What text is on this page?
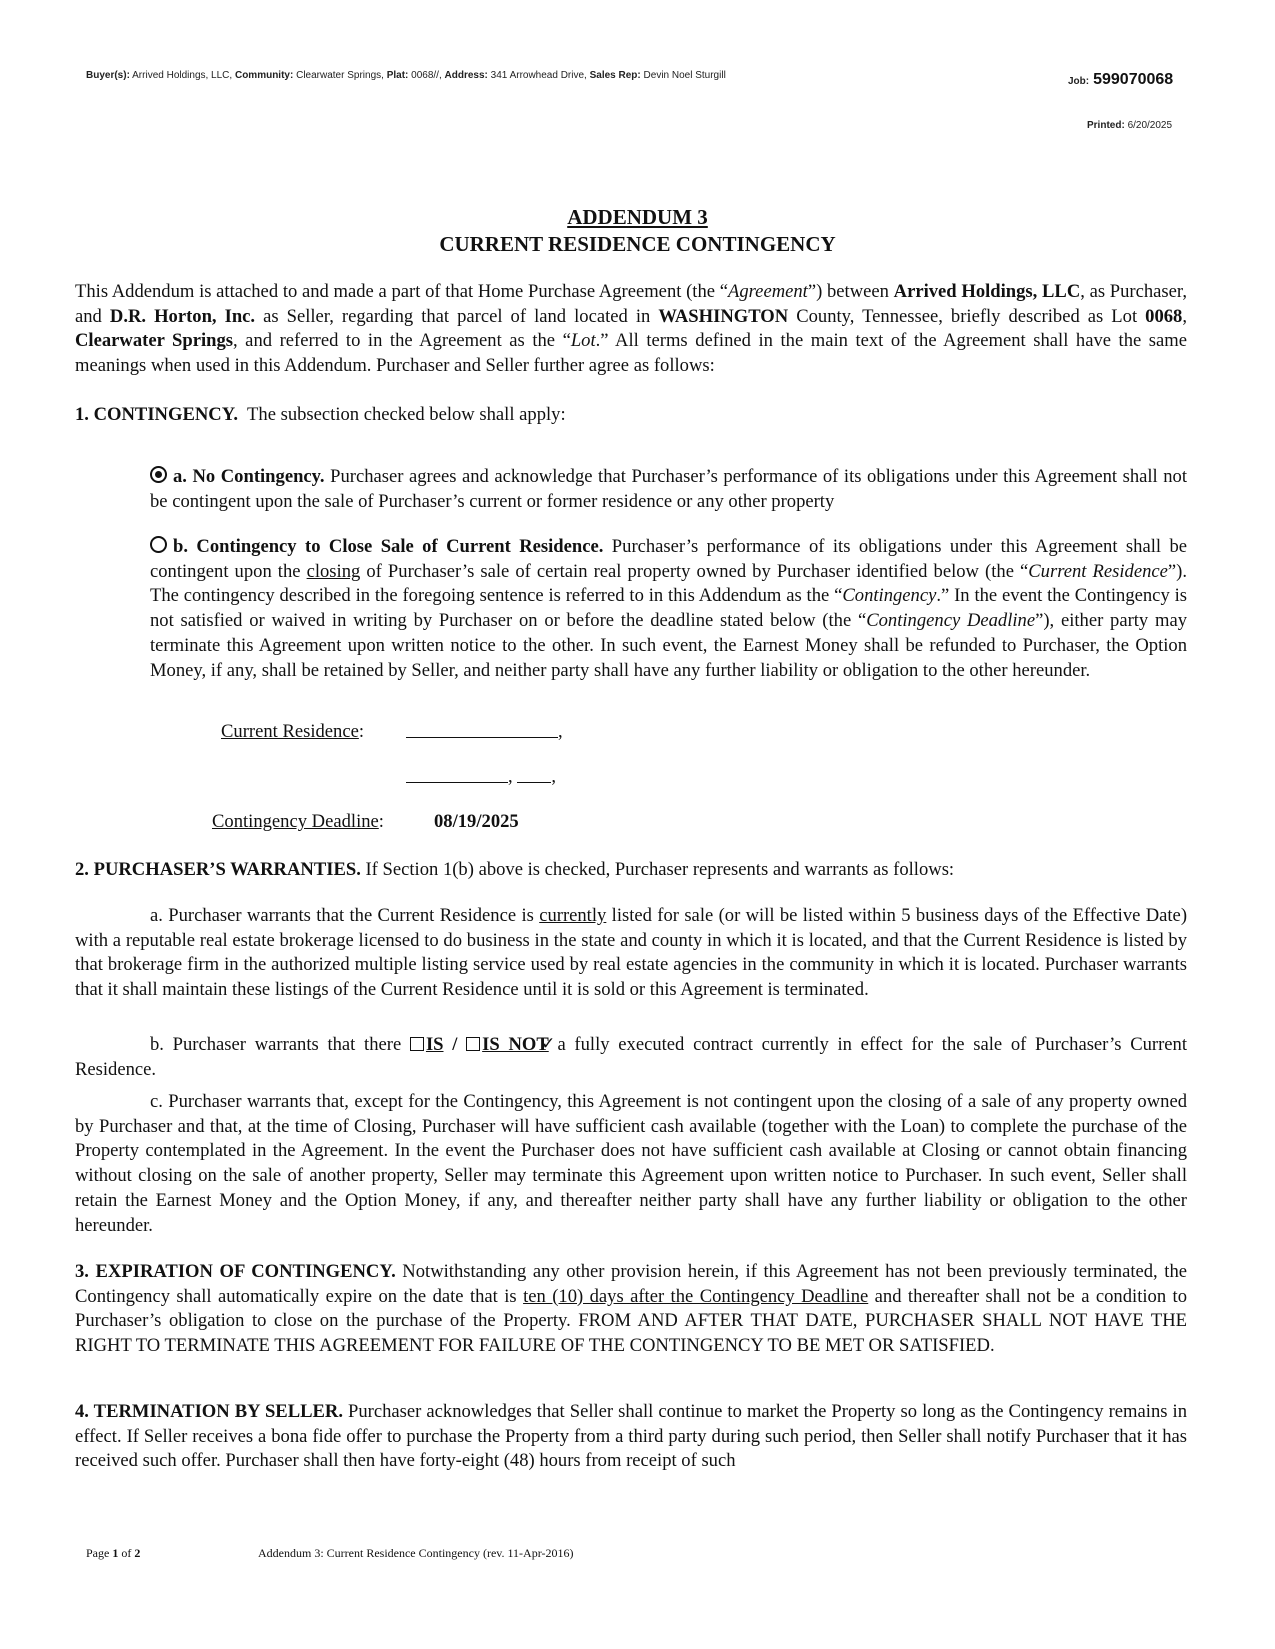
Buyer(s): Arrived Holdings, LLC, Community: Clearwater Springs, Plat: 0068//, Address: 341 Arrowhead Drive, Sales Rep: Devin Noel Sturgill
Job: 599070068
Printed: 6/20/2025
ADDENDUM 3
CURRENT RESIDENCE CONTINGENCY
This Addendum is attached to and made a part of that Home Purchase Agreement (the “Agreement”) between Arrived Holdings, LLC, as Purchaser, and D.R. Horton, Inc. as Seller, regarding that parcel of land located in WASHINGTON County, Tennessee, briefly described as Lot 0068, Clearwater Springs, and referred to in the Agreement as the “Lot.” All terms defined in the main text of the Agreement shall have the same meanings when used in this Addendum. Purchaser and Seller further agree as follows:
1. CONTINGENCY. The subsection checked below shall apply:
a. No Contingency. Purchaser agrees and acknowledge that Purchaser’s performance of its obligations under this Agreement shall not be contingent upon the sale of Purchaser’s current or former residence or any other property
b. Contingency to Close Sale of Current Residence. Purchaser’s performance of its obligations under this Agreement shall be contingent upon the closing of Purchaser’s sale of certain real property owned by Purchaser identified below (the “Current Residence”). The contingency described in the foregoing sentence is referred to in this Addendum as the “Contingency.” In the event the Contingency is not satisfied or waived in writing by Purchaser on or before the deadline stated below (the “Contingency Deadline”), either party may terminate this Agreement upon written notice to the other. In such event, the Earnest Money shall be refunded to Purchaser, the Option Money, if any, shall be retained by Seller, and neither party shall have any further liability or obligation to the other hereunder.
Current Residence:	,
, ,
Contingency Deadline:	08/19/2025
2. PURCHASER’S WARRANTIES. If Section 1(b) above is checked, Purchaser represents and warrants as follows:
a. Purchaser warrants that the Current Residence is currently listed for sale (or will be listed within 5 business days of the Effective Date) with a reputable real estate brokerage licensed to do business in the state and county in which it is located, and that the Current Residence is listed by that brokerage firm in the authorized multiple listing service used by real estate agencies in the community in which it is located. Purchaser warrants that it shall maintain these listings of the Current Residence until it is sold or this Agreement is terminated.
b. Purchaser warrants that there IS / ✓IS NOT a fully executed contract currently in effect for the sale of Purchaser’s Current Residence.
c. Purchaser warrants that, except for the Contingency, this Agreement is not contingent upon the closing of a sale of any property owned by Purchaser and that, at the time of Closing, Purchaser will have sufficient cash available (together with the Loan) to complete the purchase of the Property contemplated in the Agreement. In the event the Purchaser does not have sufficient cash available at Closing or cannot obtain financing without closing on the sale of another property, Seller may terminate this Agreement upon written notice to Purchaser. In such event, Seller shall retain the Earnest Money and the Option Money, if any, and thereafter neither party shall have any further liability or obligation to the other hereunder.
3. EXPIRATION OF CONTINGENCY. Notwithstanding any other provision herein, if this Agreement has not been previously terminated, the Contingency shall automatically expire on the date that is ten (10) days after the Contingency Deadline and thereafter shall not be a condition to Purchaser’s obligation to close on the purchase of the Property. FROM AND AFTER THAT DATE, PURCHASER SHALL NOT HAVE THE RIGHT TO TERMINATE THIS AGREEMENT FOR FAILURE OF THE CONTINGENCY TO BE MET OR SATISFIED.
4. TERMINATION BY SELLER. Purchaser acknowledges that Seller shall continue to market the Property so long as the Contingency remains in effect. If Seller receives a bona fide offer to purchase the Property from a third party during such period, then Seller shall notify Purchaser that it has received such offer. Purchaser shall then have forty-eight (48) hours from receipt of such
Page 1 of 2	Addendum 3: Current Residence Contingency (rev. 11-Apr-2016)
